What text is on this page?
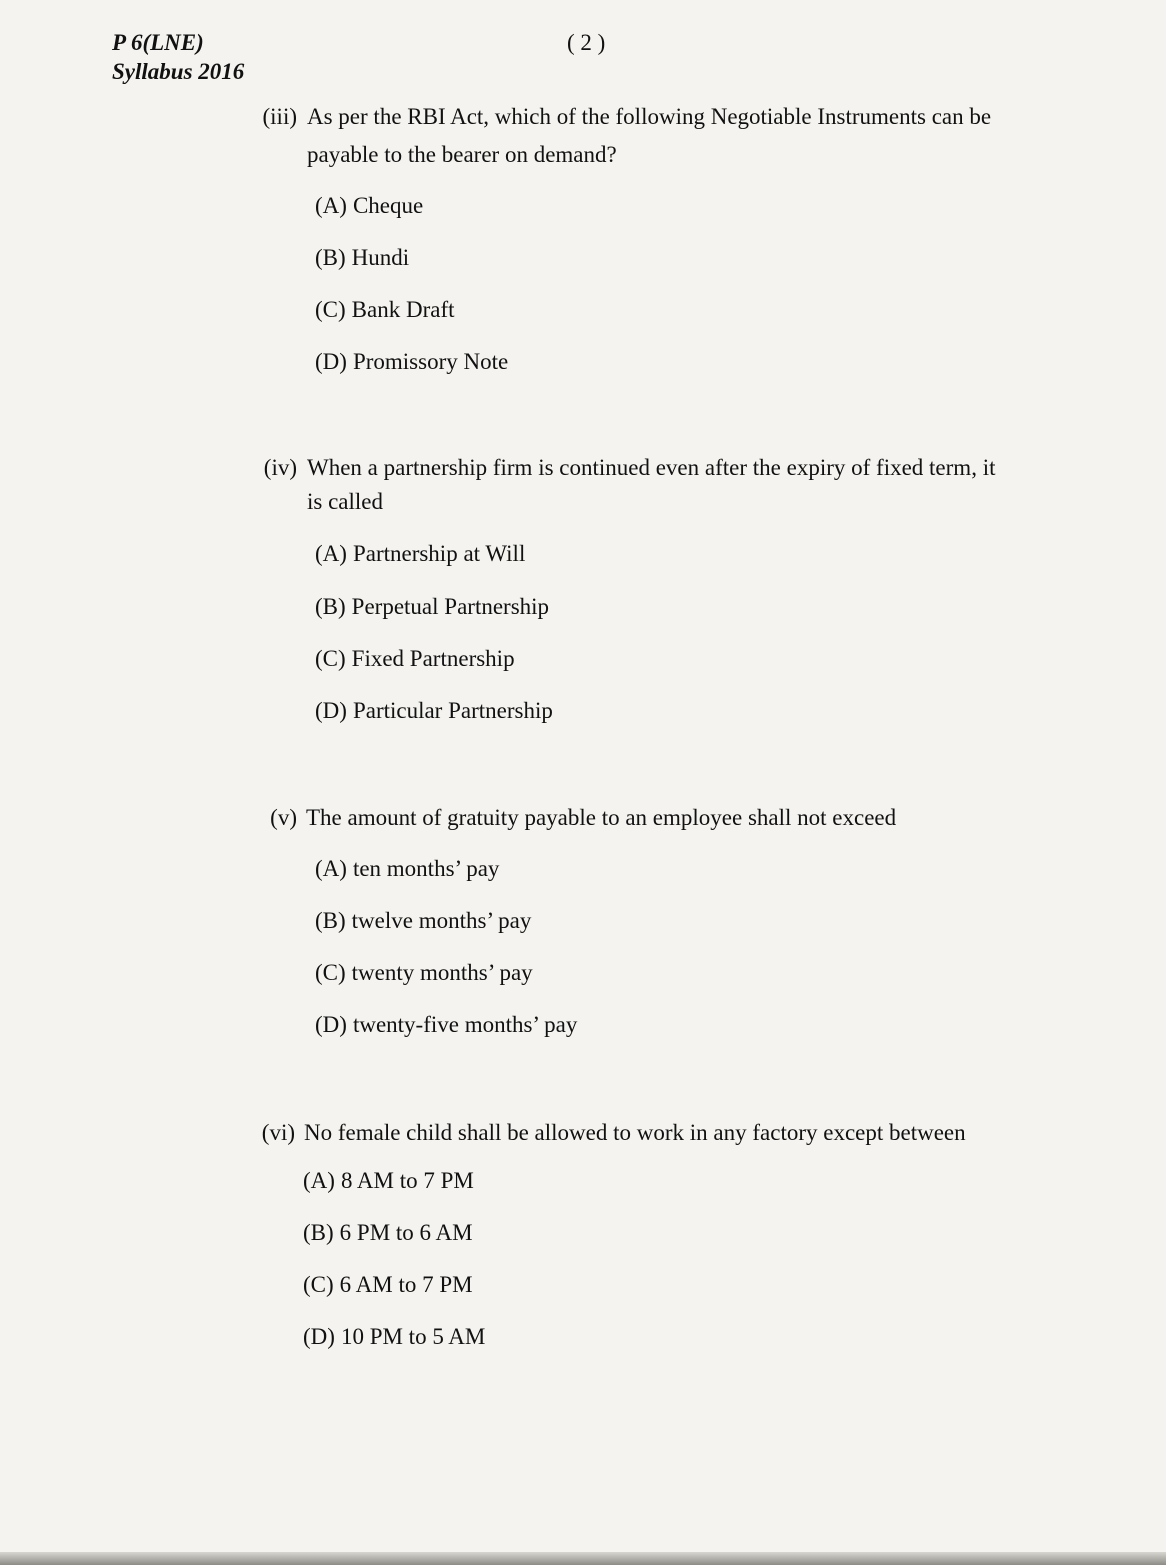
P 6(LNE)
Syllabus 2016
( 2 )
(iii) As per the RBI Act, which of the following Negotiable Instruments can be
payable to the bearer on demand?
(A) Cheque
(B) Hundi
(C) Bank Draft
(D) Promissory Note
(iv) When a partnership firm is continued even after the expiry of fixed term, it
is called
(A) Partnership at Will
(B) Perpetual Partnership
(C) Fixed Partnership
(D) Particular Partnership
(v) The amount of gratuity payable to an employee shall not exceed
(A) ten months’ pay
(B) twelve months’ pay
(C) twenty months’ pay
(D) twenty-five months’ pay
(vi) No female child shall be allowed to work in any factory except between
(A) 8 AM to 7 PM
(B) 6 PM to 6 AM
(C) 6 AM to 7 PM
(D) 10 PM to 5 AM
